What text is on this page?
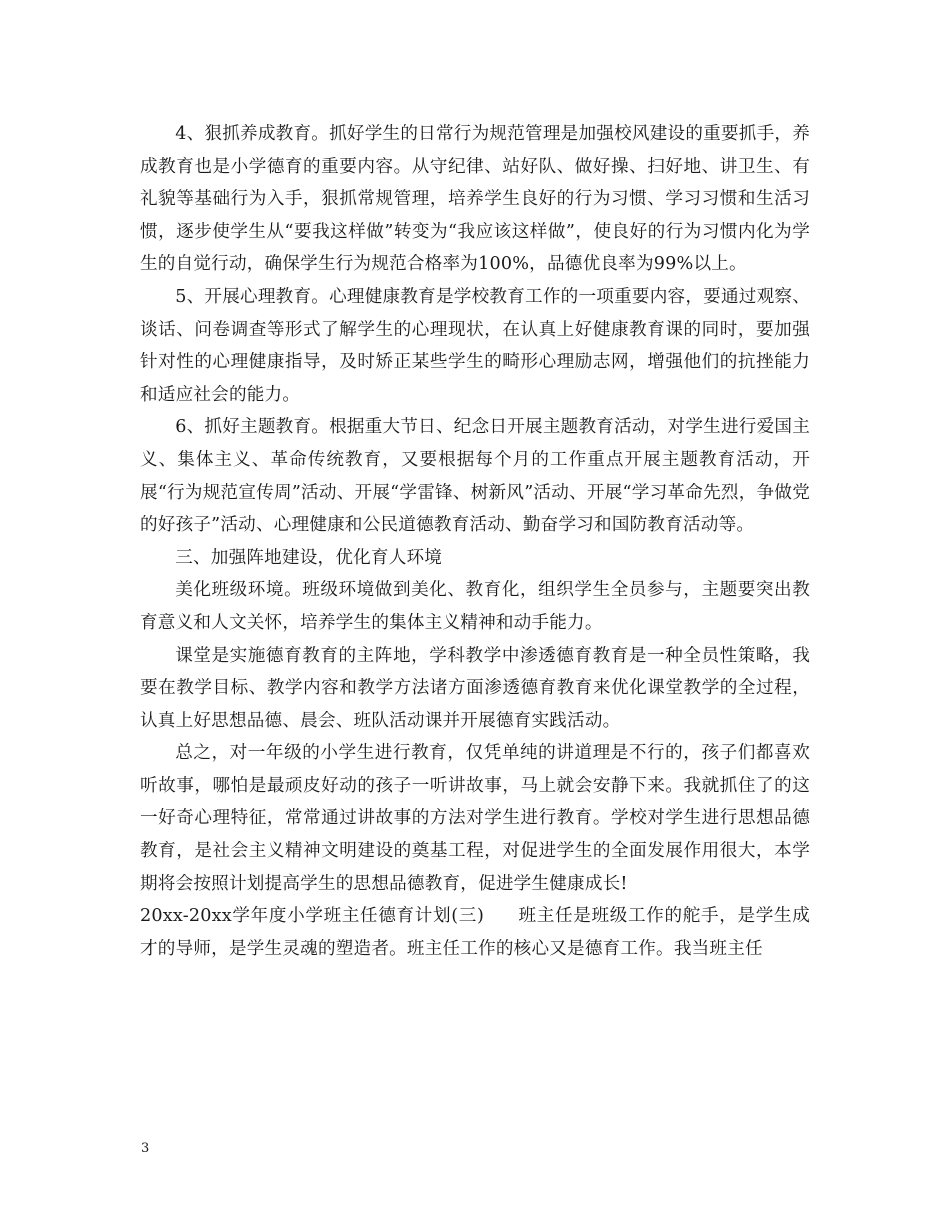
4、狠抓养成教育。抓好学生的日常行为规范管理是加强校风建设的重要抓手，养成教育也是小学德育的重要内容。从守纪律、站好队、做好操、扫好地、讲卫生、有礼貌等基础行为入手，狠抓常规管理，培养学生良好的行为习惯、学习习惯和生活习惯，逐步使学生从“要我这样做”转变为“我应该这样做”，使良好的行为习惯内化为学生的自觉行动，确保学生行为规范合格率为100%，品德优良率为99%以上。

5、开展心理教育。心理健康教育是学校教育工作的一项重要内容，要通过观察、谈话、问卷调查等形式了解学生的心理现状，在认真上好健康教育课的同时，要加强针对性的心理健康指导，及时矫正某些学生的畸形心理励志网，增强他们的抗挫能力和适应社会的能力。

6、抓好主题教育。根据重大节日、纪念日开展主题教育活动，对学生进行爱国主义、集体主义、革命传统教育，又要根据每个月的工作重点开展主题教育活动，开展“行为规范宣传周”活动、开展“学雷锋、树新风”活动、开展“学习革命先烈，争做党的好孩子”活动、心理健康和公民道德教育活动、勤奋学习和国防教育活动等。

三、加强阵地建设，优化育人环境

美化班级环境。班级环境做到美化、教育化，组织学生全员参与，主题要突出教育意义和人文关怀，培养学生的集体主义精神和动手能力。

课堂是实施德育教育的主阵地，学科教学中渗透德育教育是一种全员性策略，我要在教学目标、教学内容和教学方法诸方面渗透德育教育来优化课堂教学的全过程，认真上好思想品德、晨会、班队活动课并开展德育实践活动。

总之，对一年级的小学生进行教育，仅凭单纯的讲道理是不行的，孩子们都喜欢听故事，哪怕是最顽皮好动的孩子一听讲故事，马上就会安静下来。我就抓住了的这一好奇心理特征，常常通过讲故事的方法对学生进行教育。学校对学生进行思想品德教育，是社会主义精神文明建设的奠基工程，对促进学生的全面发展作用很大，本学期将会按照计划提高学生的思想品德教育，促进学生健康成长!

20xx-20xx学年度小学班主任德育计划(三) 班主任是班级工作的舵手，是学生成才的导师，是学生灵魂的塑造者。班主任工作的核心又是德育工作。我当班主任

3
